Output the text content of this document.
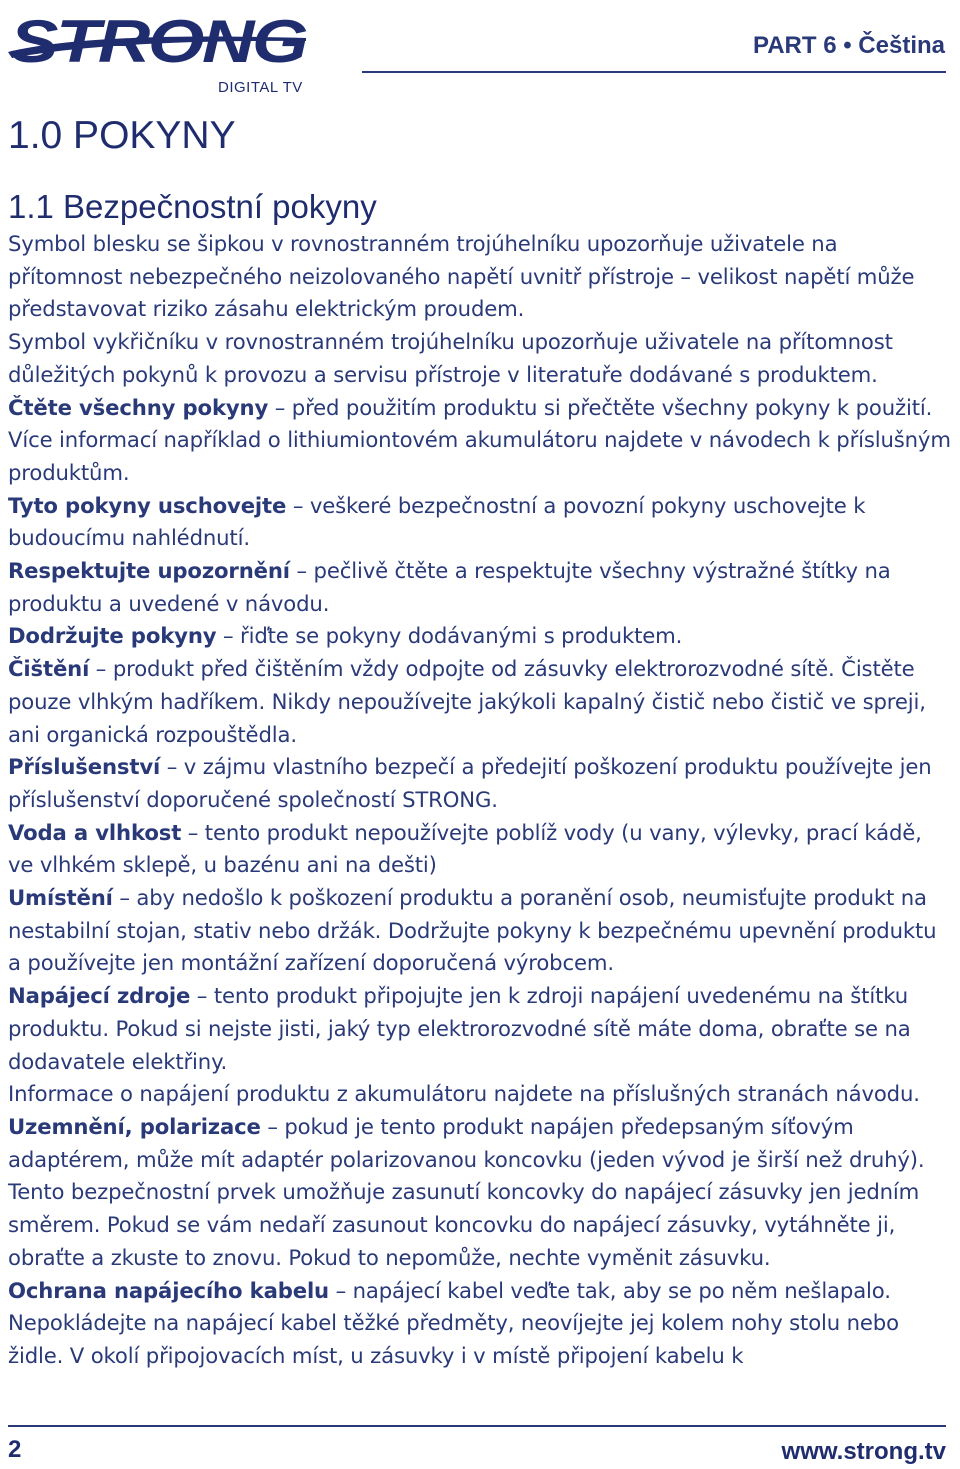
STRONG
DIGITAL TV
PART 6 • Čeština
1.0 POKYNY
1.1 Bezpečnostní pokyny

Symbol blesku se šipkou v rovnostranném trojúhelníku upozorňuje uživatele na přítomnost nebezpečného neizolovaného napětí uvnitř přístroje – velikost napětí může představovat riziko zásahu elektrickým proudem.

Symbol vykřičníku v rovnostranném trojúhelníku upozorňuje uživatele na přítomnost důležitých pokynů k provozu a servisu přístroje v literatuře dodávané s produktem.

Čtěte všechny pokyny – před použitím produktu si přečtěte všechny pokyny k použití. Více informací například o lithiumiontovém akumulátoru najdete v návodech k příslušným produktům.

Tyto pokyny uschovejte – veškeré bezpečnostní a povozní pokyny uschovejte k budoucímu nahlédnutí.

Respektujte upozornění – pečlivě čtěte a respektujte všechny výstražné štítky na produktu a uvedené v návodu.

Dodržujte pokyny – řiďte se pokyny dodávanými s produktem.

Čištění – produkt před čištěním vždy odpojte od zásuvky elektrorozvodné sítě. Čistěte pouze vlhkým hadříkem. Nikdy nepoužívejte jakýkoli kapalný čistič nebo čistič ve spreji, ani organická rozpouštědla.

Příslušenství – v zájmu vlastního bezpečí a předejití poškození produktu používejte jen příslušenství doporučené společností STRONG.

Voda a vlhkost – tento produkt nepoužívejte poblíž vody (u vany, výlevky, prací kádě, ve vlhkém sklepě, u bazénu ani na dešti)

Umístění – aby nedošlo k poškození produktu a poranění osob, neumisťujte produkt na nestabilní stojan, stativ nebo držák. Dodržujte pokyny k bezpečnému upevnění produktu a používejte jen montážní zařízení doporučená výrobcem.

Napájecí zdroje – tento produkt připojujte jen k zdroji napájení uvedenému na štítku produktu. Pokud si nejste jisti, jaký typ elektrorozvodné sítě máte doma, obraťte se na dodavatele elektřiny.

Informace o napájení produktu z akumulátoru najdete na příslušných stranách návodu.

Uzemnění, polarizace – pokud je tento produkt napájen předepsaným síťovým adaptérem, může mít adaptér polarizovanou koncovku (jeden vývod je širší než druhý). Tento bezpečnostní prvek umožňuje zasunutí koncovky do napájecí zásuvky jen jedním směrem. Pokud se vám nedaří zasunout koncovku do napájecí zásuvky, vytáhněte ji, obraťte a zkuste to znovu. Pokud to nepomůže, nechte vyměnit zásuvku.

Ochrana napájecího kabelu – napájecí kabel veďte tak, aby se po něm nešlapalo. Nepokládejte na napájecí kabel těžké předměty, neovíjejte jej kolem nohy stolu nebo židle. V okolí připojovacích míst, u zásuvky i v místě připojení kabelu k

2	www.strong.tv
